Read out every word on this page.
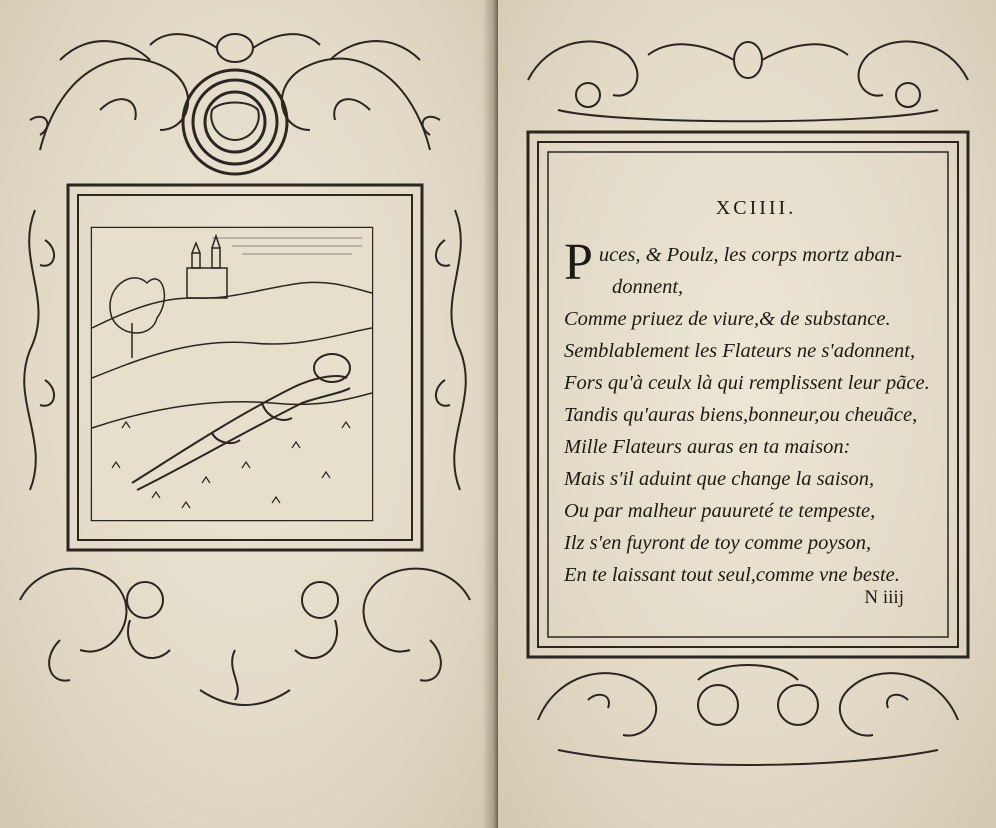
XCIIII.
P uces, & Poulz, les corps mortz aban-
donnent,
Comme priuez de viure,& de substance.
Semblablement les Flateurs ne s'adonnent,
Fors qu'à ceulx là qui remplissent leur pãce.
Tandis qu'auras biens,bonneur,ou cheuãce,
Mille Flateurs auras en ta maison:
Mais s'il aduint que change la saison,
Ou par malheur pauureté te tempeste,
Ilz s'en fuyront de toy comme poyson,
En te laissant tout seul,comme vne beste.
N iiij
